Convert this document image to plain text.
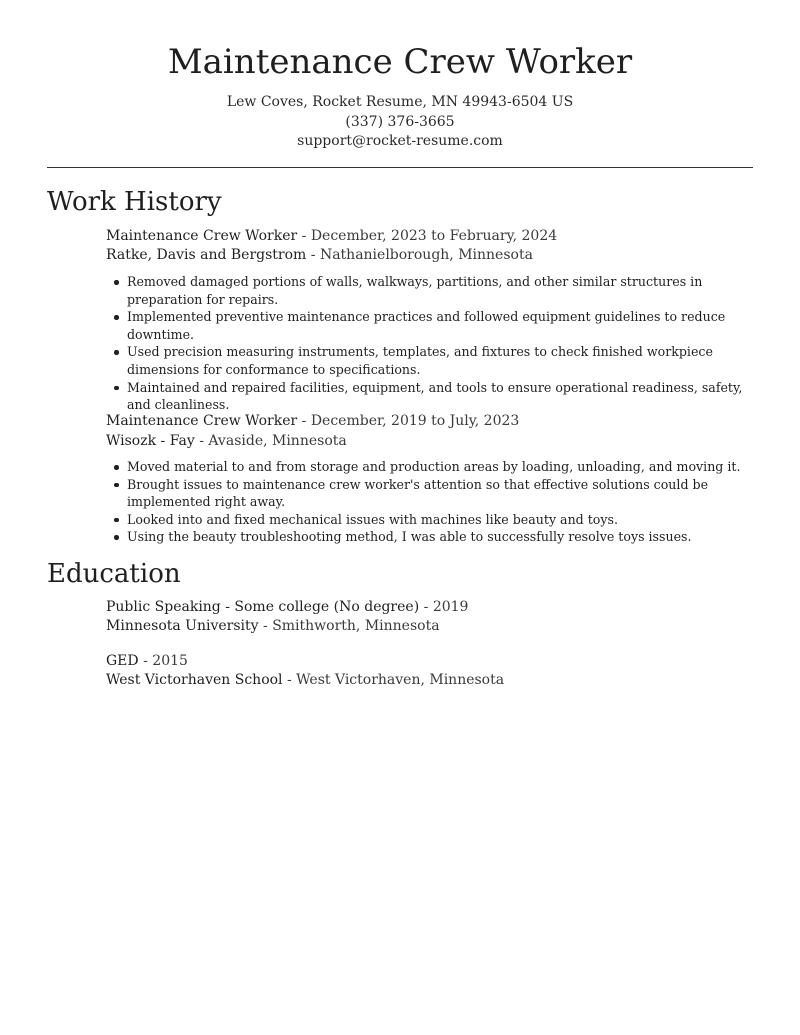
Maintenance Crew Worker
Lew Coves, Rocket Resume, MN 49943-6504 US
(337) 376-3665
support@rocket-resume.com
Work History
Maintenance Crew Worker - December, 2023 to February, 2024
Ratke, Davis and Bergstrom - Nathanielborough, Minnesota
Removed damaged portions of walls, walkways, partitions, and other similar structures in preparation for repairs.
Implemented preventive maintenance practices and followed equipment guidelines to reduce downtime.
Used precision measuring instruments, templates, and fixtures to check finished workpiece dimensions for conformance to specifications.
Maintained and repaired facilities, equipment, and tools to ensure operational readiness, safety, and cleanliness.
Maintenance Crew Worker - December, 2019 to July, 2023
Wisozk - Fay - Avaside, Minnesota
Moved material to and from storage and production areas by loading, unloading, and moving it.
Brought issues to maintenance crew worker's attention so that effective solutions could be implemented right away.
Looked into and fixed mechanical issues with machines like beauty and toys.
Using the beauty troubleshooting method, I was able to successfully resolve toys issues.
Education
Public Speaking - Some college (No degree) - 2019
Minnesota University - Smithworth, Minnesota
GED - 2015
West Victorhaven School - West Victorhaven, Minnesota
